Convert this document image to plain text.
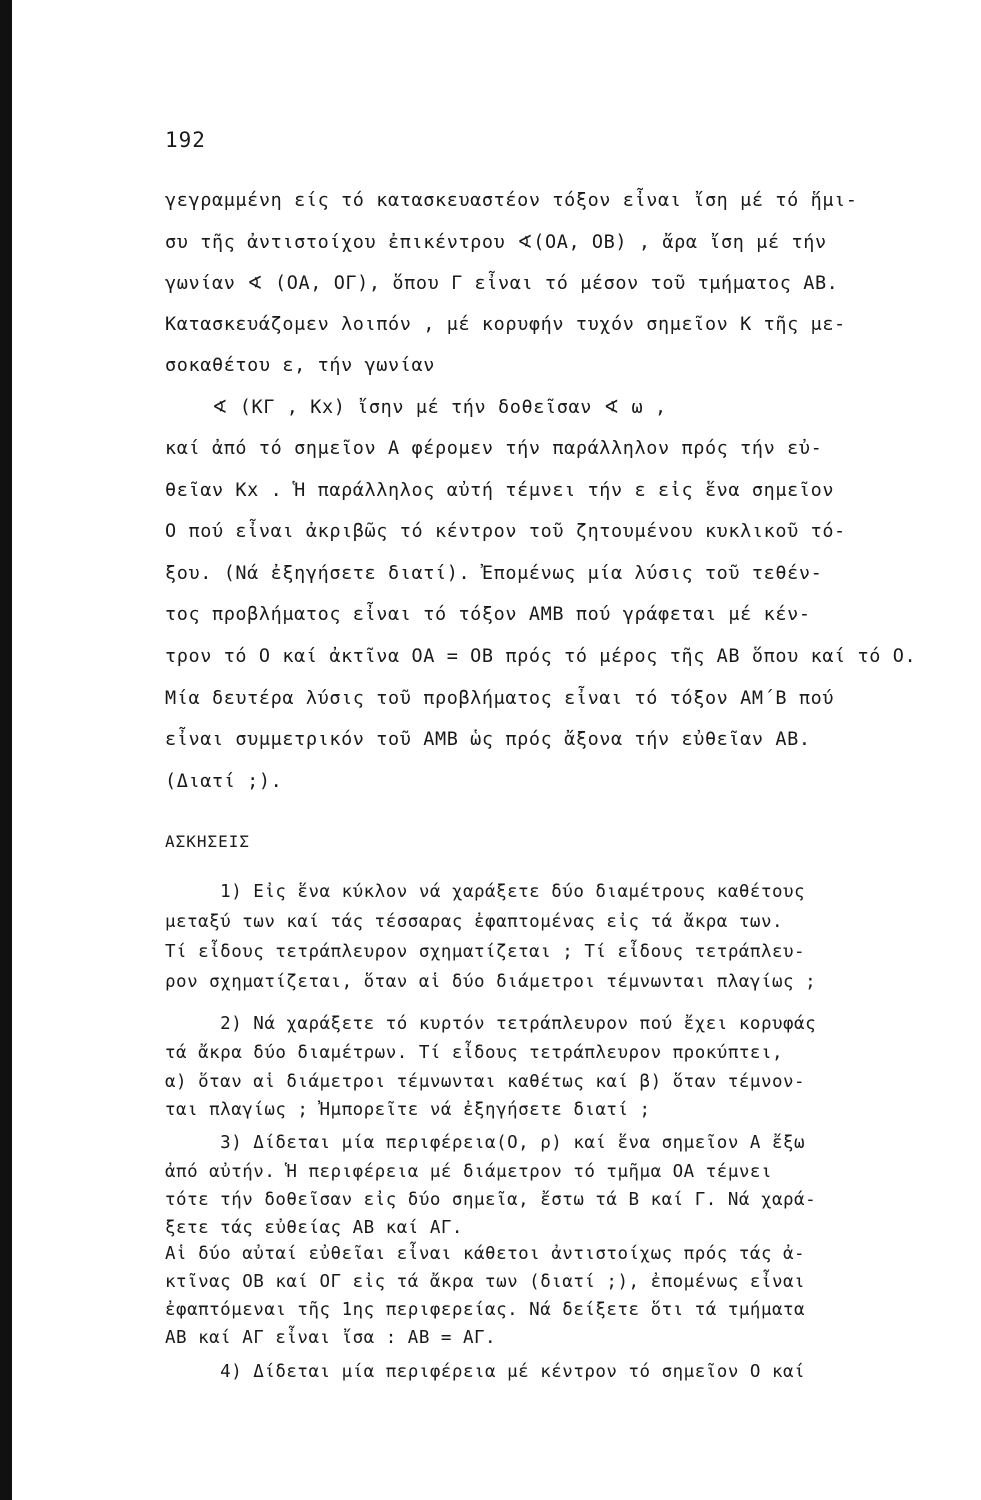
192
γεγραμμένη είς τό κατασκευαστέον τόξον εἶναι ἴση μέ τό ἥμι-
συ τῆς ἀντιστοίχου ἐπικέντρου ∢(ΟΑ, ΟΒ) , ἄρα ἴση μέ τήν
γωνίαν ∢ (ΟΑ, ΟΓ), ὅπου Γ εἶναι τό μέσον τοῦ τμήματος ΑΒ.
Κατασκευάζομεν λοιπόν , μέ κορυφήν τυχόν σημεῖον Κ τῆς με-
σοκαθέτου ε, τήν γωνίαν
∢ (ΚΓ , Κx) ἴσην μέ τήν δοθεῖσαν ∢ ω ,
καί ἀπό τό σημεῖον Α φέρομεν τήν παράλληλον πρός τήν εὐ-
θεῖαν Κx . Ἡ παράλληλος αὐτή τέμνει τήν ε εἰς ἕνα σημεῖον
Ο πού εἶναι ἀκριβῶς τό κέντρον τοῦ ζητουμένου κυκλικοῦ τό-
ξου. (Νά ἐξηγήσετε διατί). Ἐπομένως μία λύσις τοῦ τεθέν-
τος προβλήματος εἶναι τό τόξον ΑΜΒ πού γράφεται μέ κέν-
τρον τό Ο καί ἀκτῖνα ΟΑ = ΟΒ πρός τό μέρος τῆς ΑΒ ὅπου καί τό Ο.
Μία δευτέρα λύσις τοῦ προβλήματος εἶναι τό τόξον ΑΜ΄Β πού
εἶναι συμμετρικόν τοῦ ΑΜΒ ὡς πρός ἄξονα τήν εὐθεῖαν ΑΒ.
(Διατί ;).
ΑΣΚΗΣΕΙΣ
1) Εἰς ἕνα κύκλον νά χαράξετε δύο διαμέτρους καθέτους
μεταξύ των καί τάς τέσσαρας ἐφαπτομένας εἰς τά ἄκρα των.
Τί εἶδους τετράπλευρον σχηματίζεται ; Τί εἶδους τετράπλευ-
ρον σχηματίζεται, ὅταν αἱ δύο διάμετροι τέμνωνται πλαγίως ;
2) Νά χαράξετε τό κυρτόν τετράπλευρον πού ἔχει κορυφάς
τά ἄκρα δύο διαμέτρων. Τί εἶδους τετράπλευρον προκύπτει,
α) ὅταν αἱ διάμετροι τέμνωνται καθέτως καί β) ὅταν τέμνον-
ται πλαγίως ; Ἠμπορεῖτε νά ἐξηγήσετε διατί ;
3) Δίδεται μία περιφέρεια(Ο, ρ) καί ἕνα σημεῖον Α ἔξω
ἀπό αὐτήν. Ἡ περιφέρεια μέ διάμετρον τό τμῆμα ΟΑ τέμνει
τότε τήν δοθεῖσαν εἰς δύο σημεῖα, ἔστω τά Β καί Γ. Νά χαρά-
ξετε τάς εὐθείας ΑΒ καί ΑΓ.
Αἱ δύο αὐταί εὐθεῖαι εἶναι κάθετοι ἀντιστοίχως πρός τάς ἀ-
κτῖνας ΟΒ καί ΟΓ εἰς τά ἄκρα των (διατί ;), ἐπομένως εἶναι
ἐφαπτόμεναι τῆς 1ης περιφερείας. Νά δείξετε ὅτι τά τμήματα
ΑΒ καί ΑΓ εἶναι ἴσα : ΑΒ = ΑΓ.
4) Δίδεται μία περιφέρεια μέ κέντρον τό σημεῖον Ο καί
